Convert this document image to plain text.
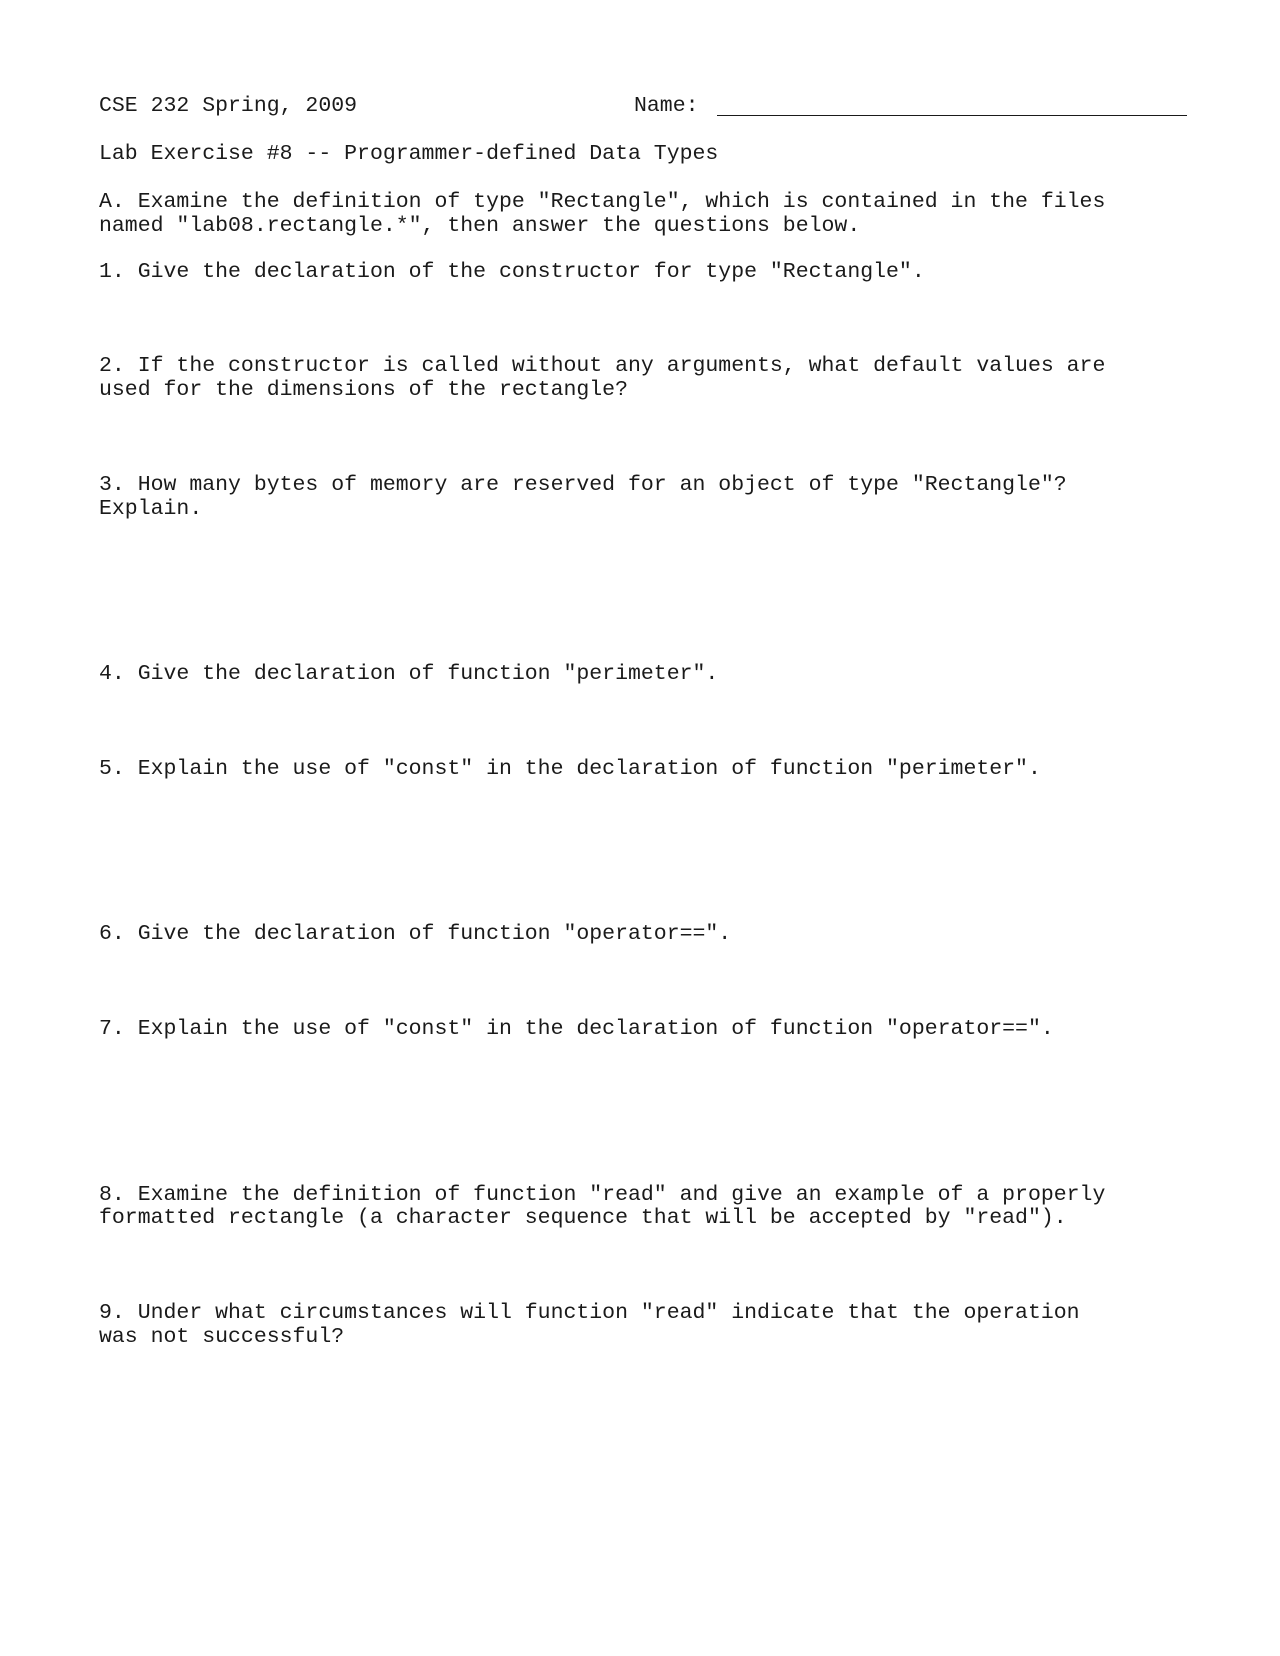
CSE 232 Spring, 2009	Name:
Lab Exercise #8 -- Programmer-defined Data Types
A. Examine the definition of type "Rectangle", which is contained in the files
named "lab08.rectangle.*", then answer the questions below.
1. Give the declaration of the constructor for type "Rectangle".
2. If the constructor is called without any arguments, what default values are
used for the dimensions of the rectangle?
3. How many bytes of memory are reserved for an object of type "Rectangle"?
Explain.
4. Give the declaration of function "perimeter".
5. Explain the use of "const" in the declaration of function "perimeter".
6. Give the declaration of function "operator==".
7. Explain the use of "const" in the declaration of function "operator==".
8. Examine the definition of function "read" and give an example of a properly
formatted rectangle (a character sequence that will be accepted by "read").
9. Under what circumstances will function "read" indicate that the operation
was not successful?
